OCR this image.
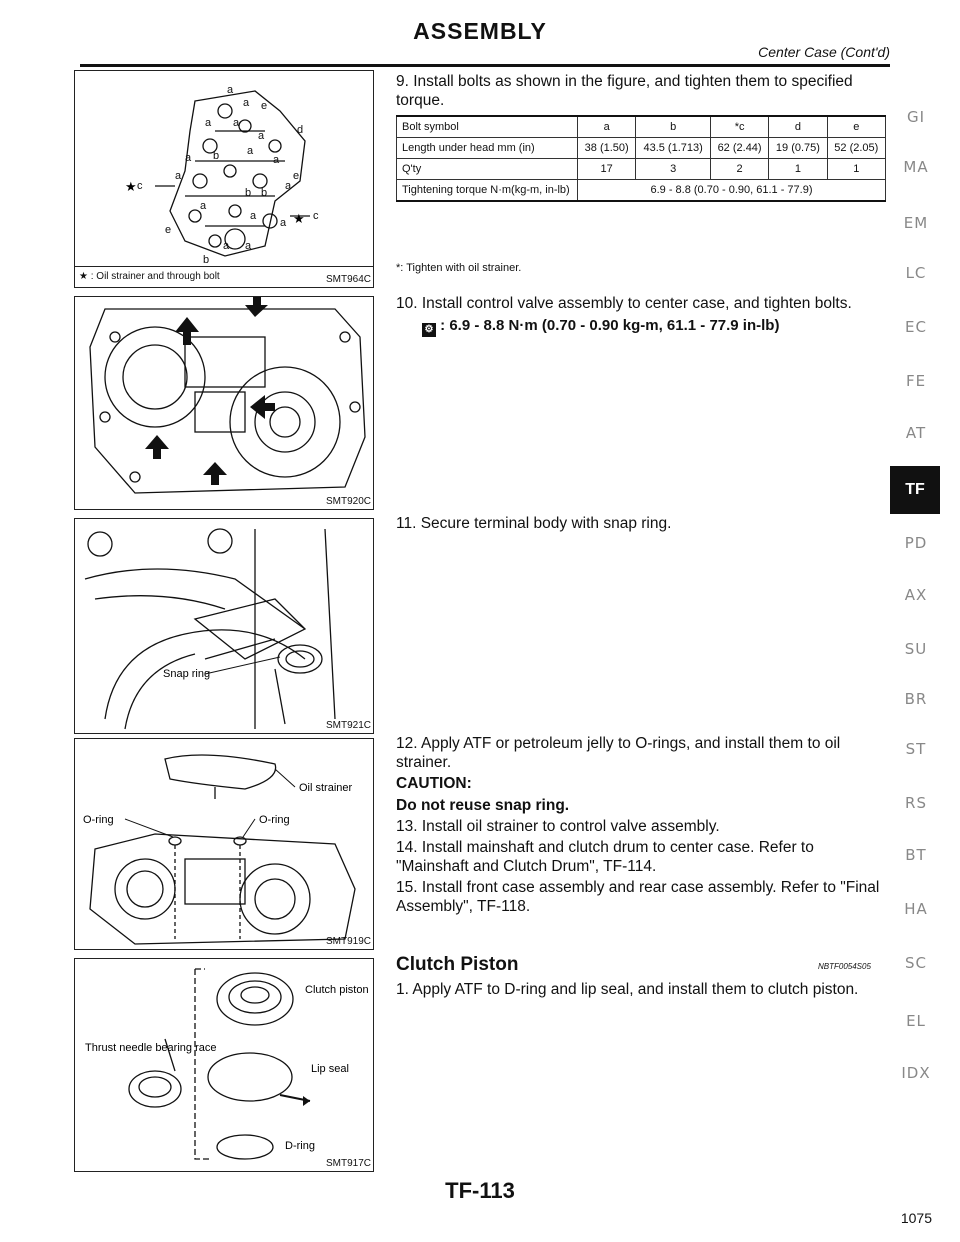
ASSEMBLY
Center Case (Cont'd)
a
a e
a a
a	d
a
b	a
a
e
a
a
b b
c
c
a
a
a
a a
e
b
★
★
★ : Oil strainer and through bolt	SMT964C
SMT920C
Snap ring
SMT921C
Oil strainer
O-ring	O-ring
SMT919C
Clutch piston
Thrust needle bearing race
Lip seal
D-ring
SMT917C
9. Install bolts as shown in the figure, and tighten them to specified torque.
Bolt symbol	a	b	*c	d	e
Length under head mm (in)	38 (1.50)	43.5 (1.713)	62 (2.44)	19 (0.75)	52 (2.05)
Q'ty	17	3	2	1	1
Tightening torque N·m(kg-m, in-lb)	6.9 - 8.8 (0.70 - 0.90, 61.1 - 77.9)				
*: Tighten with oil strainer.
10. Install control valve assembly to center case, and tighten bolts.
⚙ : 6.9 - 8.8 N·m (0.70 - 0.90 kg-m, 61.1 - 77.9 in-lb)
11. Secure terminal body with snap ring.
12. Apply ATF or petroleum jelly to O-rings, and install them to oil strainer.
CAUTION:
Do not reuse snap ring.
13. Install oil strainer to control valve assembly.
14. Install mainshaft and clutch drum to center case. Refer to "Mainshaft and Clutch Drum", TF-114.
15. Install front case assembly and rear case assembly. Refer to "Final Assembly", TF-118.
Clutch Piston	NBTF0054S05
1. Apply ATF to D-ring and lip seal, and install them to clutch piston.
GI
MA
EM
LC
EC
FE
AT
TF
PD
AX
SU
BR
ST
RS
BT
HA
SC
EL
IDX
TF-113
1075
